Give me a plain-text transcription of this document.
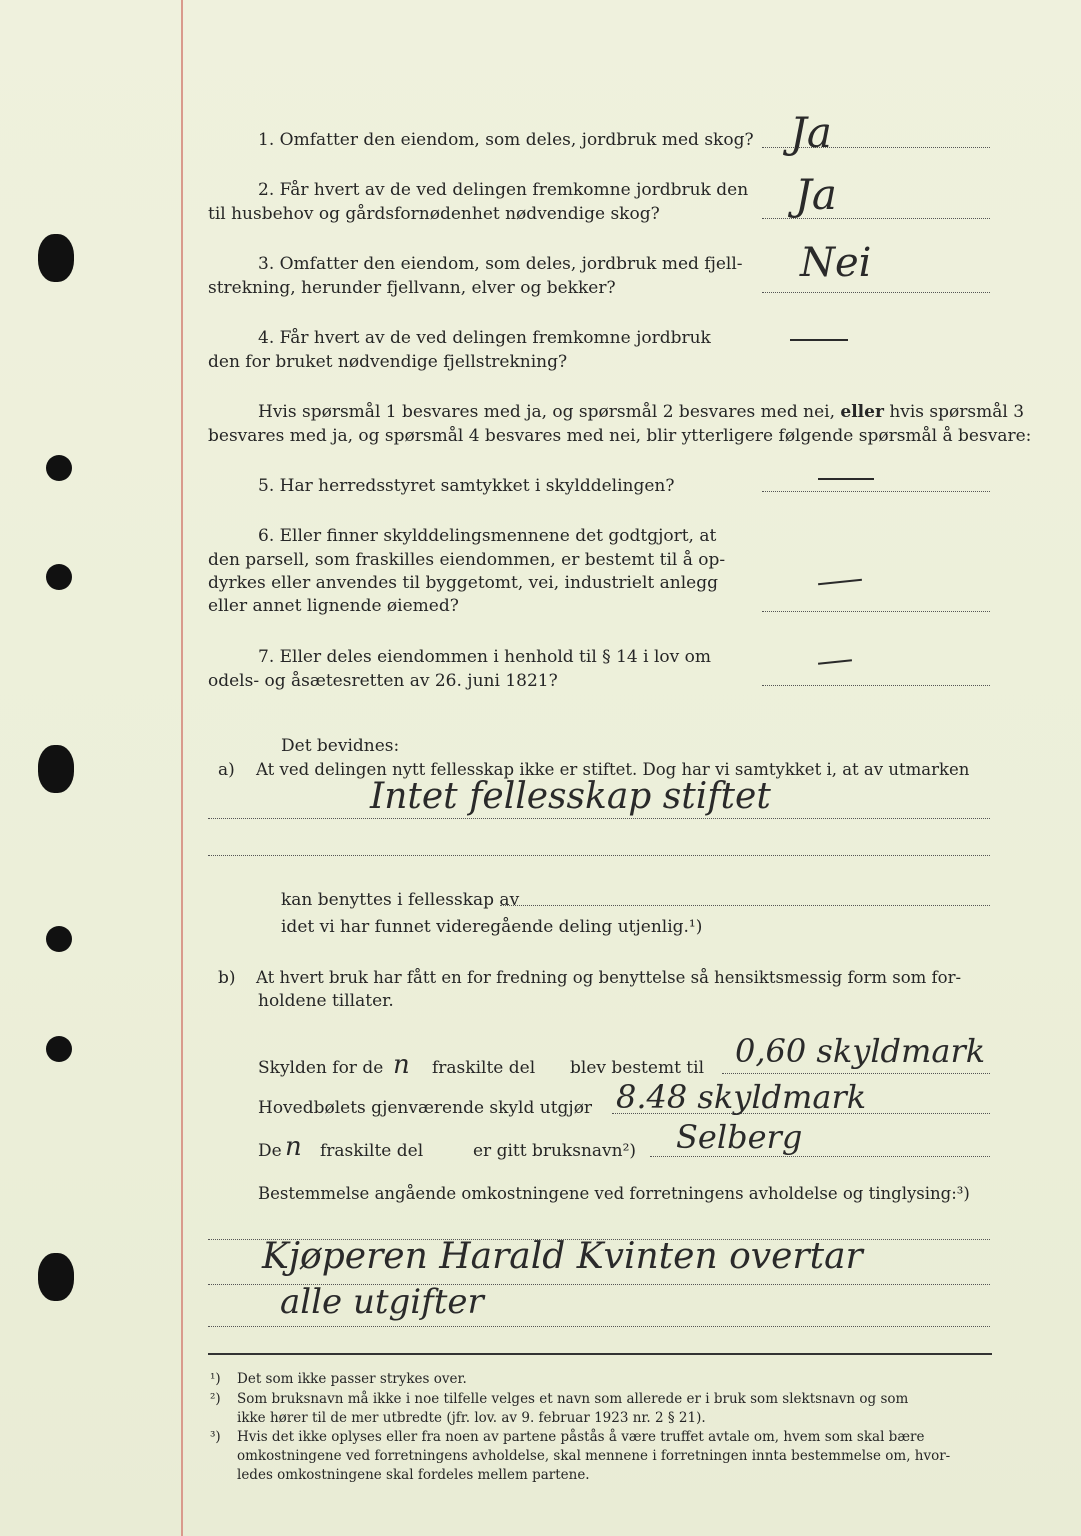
1. Omfatter den eiendom, som deles, jordbruk med skog? Ja
2. Får hvert av de ved delingen fremkomne jordbruk den
til husbehov og gårdsfornødenhet nødvendige skog?	Ja
3. Omfatter den eiendom, som deles, jordbruk med fjell-
strekning, herunder fjellvann, elver og bekker?
Nei
4. Får hvert av de ved delingen fremkomne jordbruk
den for bruket nødvendige fjellstrekning?
Hvis spørsmål 1 besvares med ja, og spørsmål 2 besvares med nei, eller hvis spørsmål 3
besvares med ja, og spørsmål 4 besvares med nei, blir ytterligere følgende spørsmål å besvare:
5. Har herredsstyret samtykket i skylddelingen?
6. Eller finner skylddelingsmennene det godtgjort, at
den parsell, som fraskilles eiendommen, er bestemt til å op-
dyrkes eller anvendes til byggetomt, vei, industrielt anlegg
eller annet lignende øiemed?
7. Eller deles eiendommen i henhold til § 14 i lov om
odels- og åsætesretten av 26. juni 1821?
Det bevidnes:
a) At ved delingen nytt fellesskap ikke er stiftet. Dog har vi samtykket i, at av utmarken
Intet fellesskap stiftet
kan benyttes i fellesskap av
idet vi har funnet videregående deling utjenlig.¹)
b) At hvert bruk har fått en for fredning og benyttelse så hensiktsmessig form som for-
holdene tillater.
Skylden for de n fraskilte del blev bestemt til 0,60 skyldmark
Hovedbølets gjenværende skyld utgjør 8.48 skyldmark
De n fraskilte del	er gitt bruksnavn²) Selberg
Bestemmelse angående omkostningene ved forretningens avholdelse og tinglysing:³)
Kjøperen Harald Kvinten overtar
alle utgifter
¹) Det som ikke passer strykes over.
²) Som bruksnavn må ikke i noe tilfelle velges et navn som allerede er i bruk som slektsnavn og som
ikke hører til de mer utbredte (jfr. lov. av 9. februar 1923 nr. 2 § 21).
³) Hvis det ikke oplyses eller fra noen av partene påstås å være truffet avtale om, hvem som skal bære
omkostningene ved forretningens avholdelse, skal mennene i forretningen innta bestemmelse om, hvor-
ledes omkostningene skal fordeles mellem partene.
